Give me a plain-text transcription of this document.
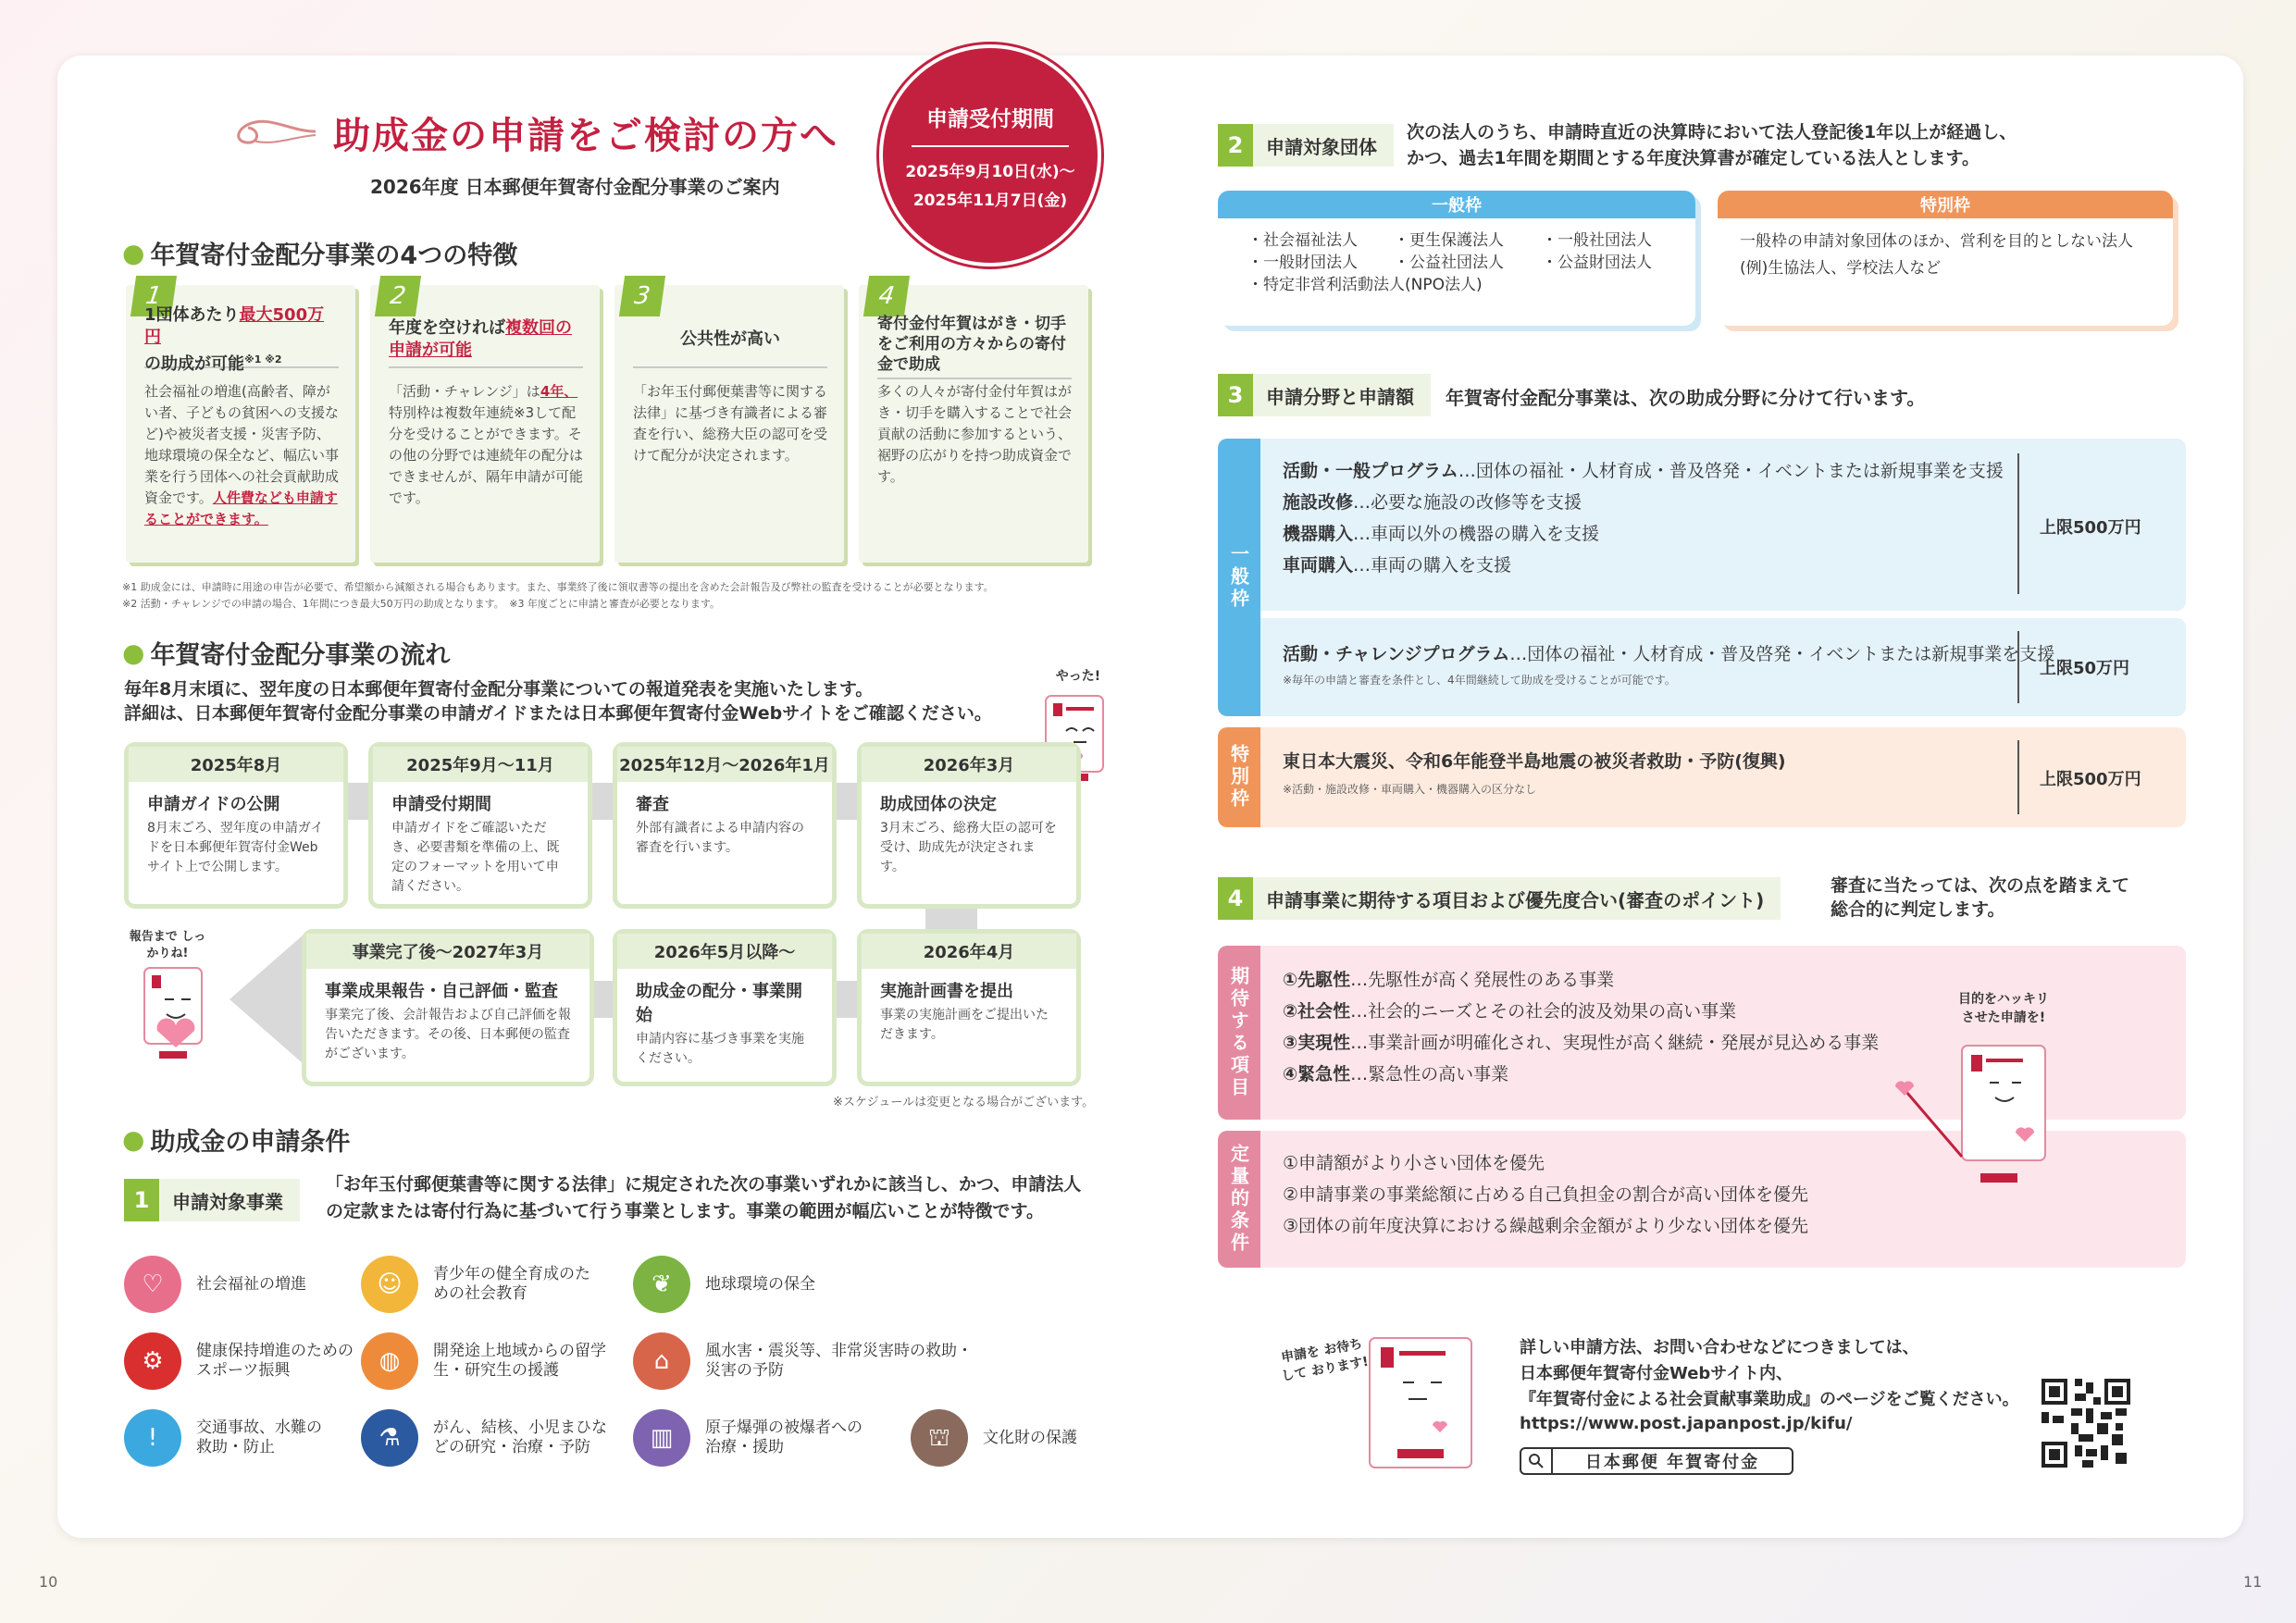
助成金の申請をご検討の方へ
2026年度 日本郵便年賀寄付金配分事業のご案内
申請受付期間
2025年9月10日(水)～
2025年11月7日(金)
● 年賀寄付金配分事業の4つの特徴
1
1団体あたり最大500万円
の助成が可能$^{※1 ※2}$
社会福祉の増進(高齢者、障がい者、子どもの貧困への支援など)や被災者支援・災害予防、地球環境の保全など、幅広い事業を行う団体への社会貢献助成資金です。人件費なども申請することができます。
2
年度を空ければ複数回の申請が可能
「活動・チャレンジ」は4年、特別枠は複数年連続※3して配分を受けることができます。その他の分野では連続年の配分はできませんが、隔年申請が可能です。
3
公共性が高い
「お年玉付郵便葉書等に関する法律」に基づき有識者による審査を行い、総務大臣の認可を受けて配分が決定されます。
4
寄付金付年賀はがき・切手をご利用の方々からの寄付金で助成
多くの人々が寄付金付年賀はがき・切手を購入することで社会貢献の活動に参加するという、裾野の広がりを持つ助成資金です。
※1 助成金には、申請時に用途の申告が必要で、希望額から減額される場合もあります。また、事業終了後に領収書等の提出を含めた会計報告及び弊社の監査を受けることが必要となります。
※2 活動・チャレンジでの申請の場合、1年間につき最大50万円の助成となります。　※3 年度ごとに申請と審査が必要となります。
● 年賀寄付金配分事業の流れ
毎年8月末頃に、翌年度の日本郵便年賀寄付金配分事業についての報道発表を実施いたします。
詳細は、日本郵便年賀寄付金配分事業の申請ガイドまたは日本郵便年賀寄付金Webサイトをご確認ください。
やった!
2025年8月
申請ガイドの公開
8月末ごろ、翌年度の申請ガイドを日本郵便年賀寄付金Webサイト上で公開します。
2025年9月～11月
申請受付期間
申請ガイドをご確認いただき、必要書類を準備の上、既定のフォーマットを用いて申請ください。
2025年12月～2026年1月
審査
外部有識者による申請内容の審査を行います。
2026年3月
助成団体の決定
3月末ごろ、総務大臣の認可を受け、助成先が決定されます。
2026年4月
実施計画書を提出
事業の実施計画をご提出いただきます。
2026年5月以降～
助成金の配分・事業開始
申請内容に基づき事業を実施ください。
事業完了後～2027年3月
事業成果報告・自己評価・監査
事業完了後、会計報告および自己評価を報告いただきます。その後、日本郵便の監査がございます。
報告まで しっかりね!
※スケジュールは変更となる場合がございます。
● 助成金の申請条件
1	申請対象事業
「お年玉付郵便葉書等に関する法律」に規定された次の事業いずれかに該当し、かつ、申請法人の定款または寄付行為に基づいて行う事業とします。事業の範囲が幅広いことが特徴です。
♡	社会福祉の増進	☺	青少年の健全育成のための社会教育	❦	地球環境の保全
⚙	健康保持増進のためのスポーツ振興	◍	開発途上地域からの留学生・研究生の援護	⌂	風水害・震災等、非常災害時の救助・災害の予防
!	交通事故、水難の救助・防止	⚗	がん、結核、小児まひなどの研究・治療・予防	▥	原子爆弾の被爆者への治療・援助	⛫	文化財の保護
2	申請対象団体
次の法人のうち、申請時直近の決算時において法人登記後1年以上が経過し、
かつ、過去1年間を期間とする年度決算書が確定している法人とします。
一般枠
・社会福祉法人 ・更生保護法人 ・一般社団法人
・一般財団法人 ・公益社団法人 ・公益財団法人
・特定非営利活動法人(NPO法人)
特別枠
一般枠の申請対象団体のほか、営利を目的としない法人
(例)生協法人、学校法人など
3	申請分野と申請額	年賀寄付金配分事業は、次の助成分野に分けて行います。
一般枠
活動・一般プログラム…団体の福祉・人材育成・普及啓発・イベントまたは新規事業を支援
施設改修…必要な施設の改修等を支援
機器購入…車両以外の機器の購入を支援
車両購入…車両の購入を支援
上限500万円
活動・チャレンジプログラム…団体の福祉・人材育成・普及啓発・イベントまたは新規事業を支援
※毎年の申請と審査を条件とし、4年間継続して助成を受けることが可能です。
上限50万円
特別枠 東日本大震災、令和6年能登半島地震の被災者救助・予防(復興)
※活動・施設改修・車両購入・機器購入の区分なし	上限500万円
4	申請事業に期待する項目および優先度合い(審査のポイント)
審査に当たっては、次の点を踏まえて
総合的に判定します。
期待する項目 ①先駆性…先駆性が高く発展性のある事業
②社会性…社会的ニーズとその社会的波及効果の高い事業
③実現性…事業計画が明確化され、実現性が高く継続・発展が見込める事業
④緊急性…緊急性の高い事業
定量的条件 ①申請額がより小さい団体を優先
②申請事業の事業総額に占める自己負担金の割合が高い団体を優先
③団体の前年度決算における繰越剰余金額がより少ない団体を優先
目的をハッキリ させた申請を!
申請を お待ちして おります!
詳しい申請方法、お問い合わせなどにつきましては、
日本郵便年賀寄付金Webサイト内、
『年賀寄付金による社会貢献事業助成』のページをご覧ください。
https://www.post.japanpost.jp/kifu/
日本郵便 年賀寄付金
10	11
